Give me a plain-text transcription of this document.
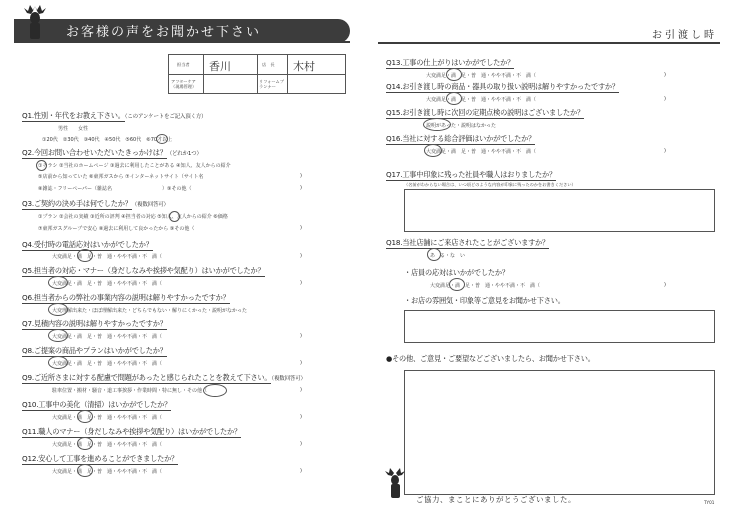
お客様の声をお聞かせ下さい	お引渡し時
担当者 香川	店　長 木村
アフターケア（現場管理）
リフォームプランナー
Q1.性別・年代をお教え下さい。（このアンケートをご記入頂く方）
男性　　女性
①20代　②30代　③40代　④50代　⑤60代　⑥70才以上
Q2.今回お問い合わせいただいたきっかけは？（どれか1つ）
①チラシ ②当社のホームページ ③過去に利用したことがある ④知人、友人からの紹介
⑤店前から知っていた ⑥東邦ガスから ⑦インターネットサイト（サイト名	)
⑧雑誌・フリーペーパー（雑誌名　　　　　　　　　　）⑨その他（	)
Q3.ご契約の決め手は何でしたか？（複数回答可）
①プラン ②会社の実績 ③近所の評判 ④担当者の対応 ⑤知人、友人からの紹介 ⑥価格
⑦東邦ガスグループで安心 ⑧過去に利用して良かったから ⑨その他（	)
Q4.受付時の電話応対はいかがでしたか？
大変満足・満　足・普　通・やや不満・不　満（	)
Q5.担当者の対応・マナー（身だしなみや挨拶や気配り）はいかがでしたか？
大変満足・満　足・普　通・やや不満・不　満（	)
Q6.担当者からの弊社の事業内容の説明は解りやすかったですか？
大変理解出来た・ほぼ理解出来た・どちらでもない・解りにくかった・説明がなかった
Q7.見積内容の説明は解りやすかったですか？
大変満足・満　足・普　通・やや不満・不　満（	)
Q8.ご提案の商品やプランはいかがでしたか？
大変満足・満　足・普　通・やや不満・不　満（	)
Q9.ご近所さまに対する配慮で問題があったと感じられたことを教えて下さい。（複数回答可）
駐車位置・搬材・騒音・道工事挨拶・作業時間・特に無し・その他（	)
Q10.工事中の美化（清掃）はいかがでしたか？
大変満足・満　足・普　通・やや不満・不　満（	)
Q11.職人のマナー（身だしなみや挨拶や気配り）はいかがでしたか？
大変満足・満　足・普　通・やや不満・不　満（	)
Q12.安心して工事を進めることができましたか？
大変満足・満　足・普　通・やや不満・不　満（	)
Q13.工事の仕上がりはいかがでしたか？
大変満足・満　足・普　通・やや不満・不　満（	)
Q14.お引き渡し時の商品・器具の取り扱い説明は解りやすかったですか？
大変満足・満　足・普　通・やや不満・不　満（	)
Q15.お引き渡し時に次回の定期点検の説明はございましたか？
説明があった・説明はなかった
Q16.当社に対する総合評価はいかがでしたか？
大変満足・満　足・普　通・やや不満・不　満（	)
Q17.工事中印象に残った社員や職人はおりましたか？
（名前がわからない場合は、いつ頃どのような内容が印象に残ったのかをお書きください）
Q18.当社店舗にご来店されたことがございますか？
あ　る・な　い
・店員の応対はいかがでしたか？
大変満足・満　足・普　通・やや不満・不　満（	)
・お店の雰囲気・印象等ご意見をお聞かせ下さい。
●その他、ご意見・ご要望などございましたら、お聞かせ下さい。
ご協力、まことにありがとうございました。	TY01
